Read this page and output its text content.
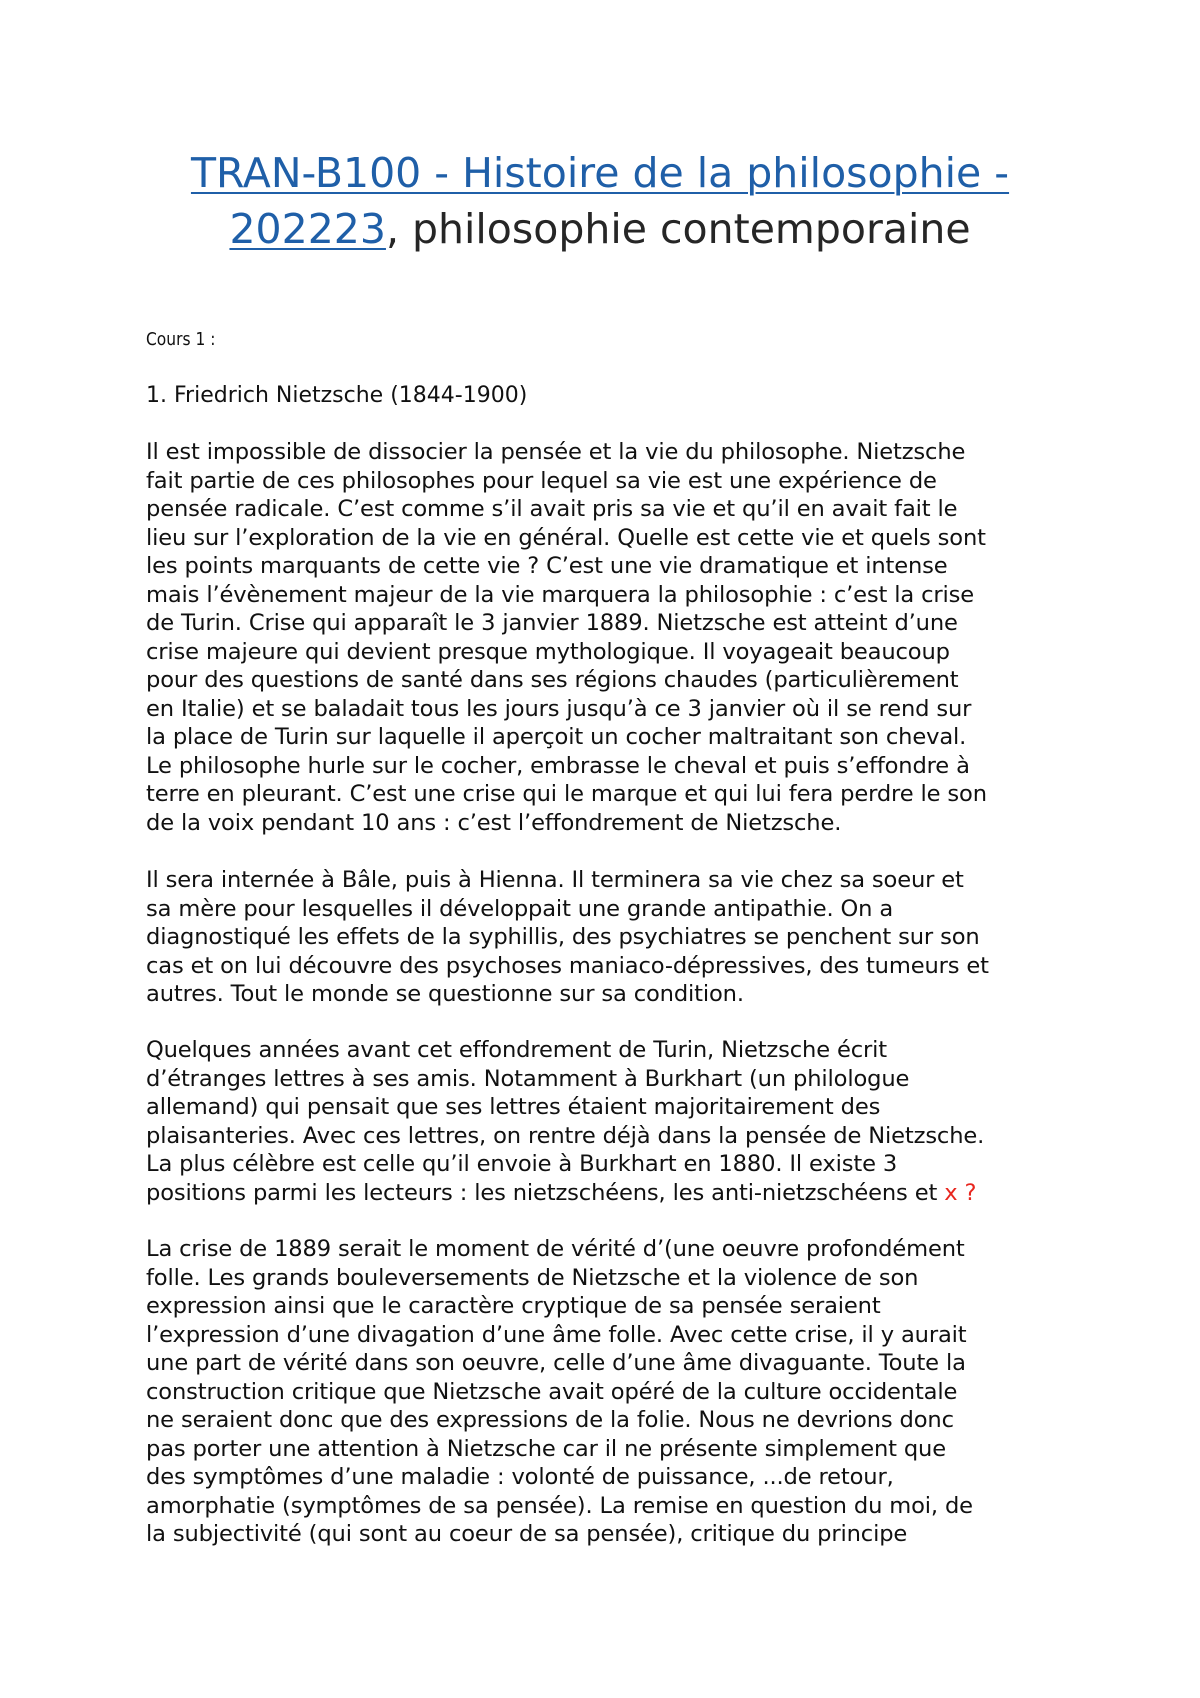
TRAN-B100 - Histoire de la philosophie - 202223, philosophie contemporaine

Cours 1 :

1. Friedrich Nietzsche (1844-1900)

Il est impossible de dissocier la pensée et la vie du philosophe. Nietzsche
fait partie de ces philosophes pour lequel sa vie est une expérience de
pensée radicale. C’est comme s’il avait pris sa vie et qu’il en avait fait le
lieu sur l’exploration de la vie en général. Quelle est cette vie et quels sont
les points marquants de cette vie ? C’est une vie dramatique et intense
mais l’évènement majeur de la vie marquera la philosophie : c’est la crise
de Turin. Crise qui apparaît le 3 janvier 1889. Nietzsche est atteint d’une
crise majeure qui devient presque mythologique. Il voyageait beaucoup
pour des questions de santé dans ses régions chaudes (particulièrement
en Italie) et se baladait tous les jours jusqu’à ce 3 janvier où il se rend sur
la place de Turin sur laquelle il aperçoit un cocher maltraitant son cheval.
Le philosophe hurle sur le cocher, embrasse le cheval et puis s’effondre à
terre en pleurant. C’est une crise qui le marque et qui lui fera perdre le son
de la voix pendant 10 ans : c’est l’effondrement de Nietzsche.

Il sera internée à Bâle, puis à Hienna. Il terminera sa vie chez sa soeur et
sa mère pour lesquelles il développait une grande antipathie. On a
diagnostiqué les effets de la syphillis, des psychiatres se penchent sur son
cas et on lui découvre des psychoses maniaco-dépressives, des tumeurs et
autres. Tout le monde se questionne sur sa condition.

Quelques années avant cet effondrement de Turin, Nietzsche écrit
d’étranges lettres à ses amis. Notamment à Burkhart (un philologue
allemand) qui pensait que ses lettres étaient majoritairement des
plaisanteries. Avec ces lettres, on rentre déjà dans la pensée de Nietzsche.
La plus célèbre est celle qu’il envoie à Burkhart en 1880. Il existe 3
positions parmi les lecteurs : les nietzschéens, les anti-nietzschéens et x ?

La crise de 1889 serait le moment de vérité d’(une oeuvre profondément
folle. Les grands bouleversements de Nietzsche et la violence de son
expression ainsi que le caractère cryptique de sa pensée seraient
l’expression d’une divagation d’une âme folle. Avec cette crise, il y aurait
une part de vérité dans son oeuvre, celle d’une âme divaguante. Toute la
construction critique que Nietzsche avait opéré de la culture occidentale
ne seraient donc que des expressions de la folie. Nous ne devrions donc
pas porter une attention à Nietzsche car il ne présente simplement que
des symptômes d’une maladie : volonté de puissance, ...de retour,
amorphatie (symptômes de sa pensée). La remise en question du moi, de
la subjectivité (qui sont au coeur de sa pensée), critique du principe
